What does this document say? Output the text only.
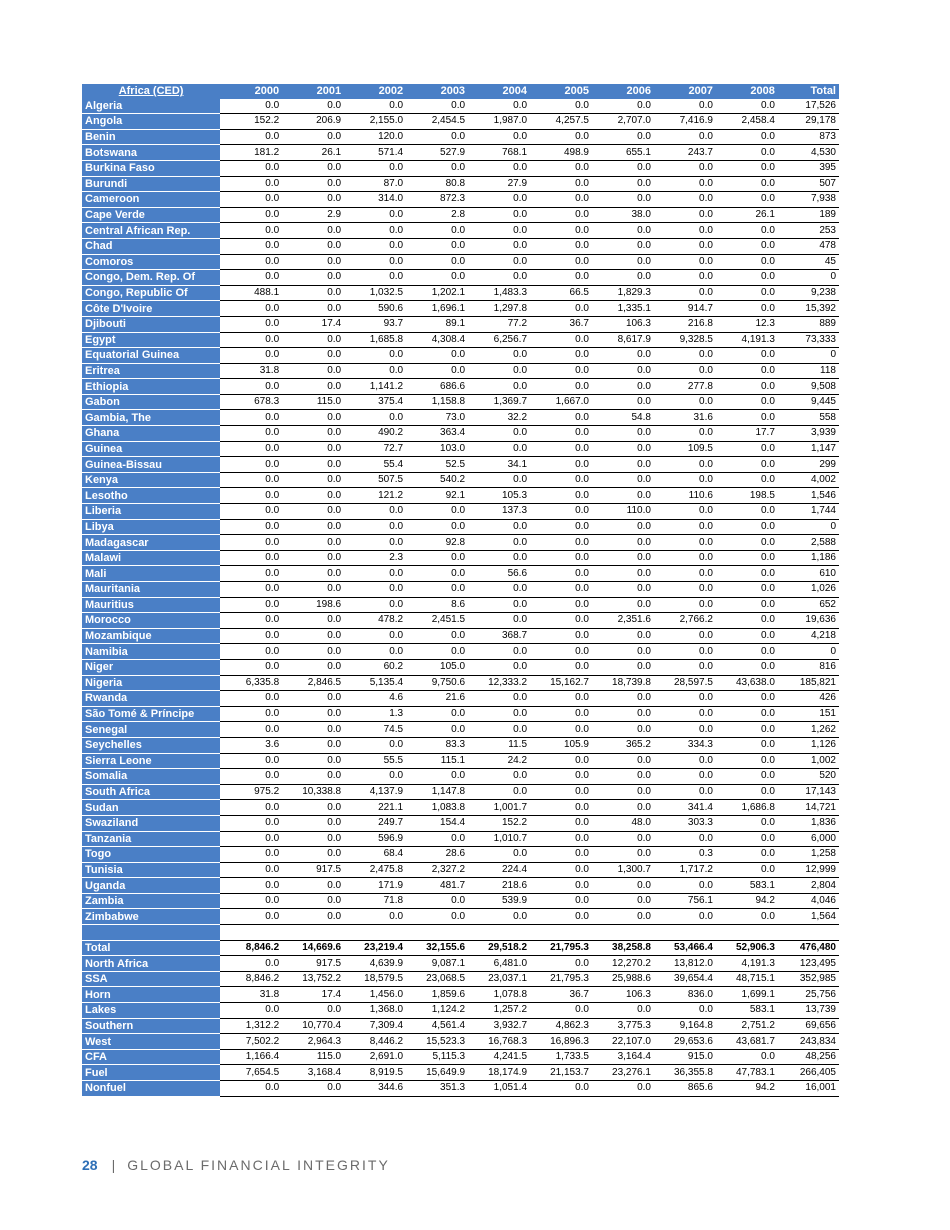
Africa (CED)	2000	2001	2002	2003	2004	2005	2006	2007	2008	Total
Algeria	0.0	0.0	0.0	0.0	0.0	0.0	0.0	0.0	0.0	17,526
Angola	152.2	206.9	2,155.0	2,454.5	1,987.0	4,257.5	2,707.0	7,416.9	2,458.4	29,178
Benin	0.0	0.0	120.0	0.0	0.0	0.0	0.0	0.0	0.0	873
Botswana	181.2	26.1	571.4	527.9	768.1	498.9	655.1	243.7	0.0	4,530
Burkina Faso	0.0	0.0	0.0	0.0	0.0	0.0	0.0	0.0	0.0	395
Burundi	0.0	0.0	87.0	80.8	27.9	0.0	0.0	0.0	0.0	507
Cameroon	0.0	0.0	314.0	872.3	0.0	0.0	0.0	0.0	0.0	7,938
Cape Verde	0.0	2.9	0.0	2.8	0.0	0.0	38.0	0.0	26.1	189
Central African Rep.	0.0	0.0	0.0	0.0	0.0	0.0	0.0	0.0	0.0	253
Chad	0.0	0.0	0.0	0.0	0.0	0.0	0.0	0.0	0.0	478
Comoros	0.0	0.0	0.0	0.0	0.0	0.0	0.0	0.0	0.0	45
Congo, Dem. Rep. Of	0.0	0.0	0.0	0.0	0.0	0.0	0.0	0.0	0.0	0
Congo, Republic Of	488.1	0.0	1,032.5	1,202.1	1,483.3	66.5	1,829.3	0.0	0.0	9,238
Côte D'Ivoire	0.0	0.0	590.6	1,696.1	1,297.8	0.0	1,335.1	914.7	0.0	15,392
Djibouti	0.0	17.4	93.7	89.1	77.2	36.7	106.3	216.8	12.3	889
Egypt	0.0	0.0	1,685.8	4,308.4	6,256.7	0.0	8,617.9	9,328.5	4,191.3	73,333
Equatorial Guinea	0.0	0.0	0.0	0.0	0.0	0.0	0.0	0.0	0.0	0
Eritrea	31.8	0.0	0.0	0.0	0.0	0.0	0.0	0.0	0.0	118
Ethiopia	0.0	0.0	1,141.2	686.6	0.0	0.0	0.0	277.8	0.0	9,508
Gabon	678.3	115.0	375.4	1,158.8	1,369.7	1,667.0	0.0	0.0	0.0	9,445
Gambia, The	0.0	0.0	0.0	73.0	32.2	0.0	54.8	31.6	0.0	558
Ghana	0.0	0.0	490.2	363.4	0.0	0.0	0.0	0.0	17.7	3,939
Guinea	0.0	0.0	72.7	103.0	0.0	0.0	0.0	109.5	0.0	1,147
Guinea-Bissau	0.0	0.0	55.4	52.5	34.1	0.0	0.0	0.0	0.0	299
Kenya	0.0	0.0	507.5	540.2	0.0	0.0	0.0	0.0	0.0	4,002
Lesotho	0.0	0.0	121.2	92.1	105.3	0.0	0.0	110.6	198.5	1,546
Liberia	0.0	0.0	0.0	0.0	137.3	0.0	110.0	0.0	0.0	1,744
Libya	0.0	0.0	0.0	0.0	0.0	0.0	0.0	0.0	0.0	0
Madagascar	0.0	0.0	0.0	92.8	0.0	0.0	0.0	0.0	0.0	2,588
Malawi	0.0	0.0	2.3	0.0	0.0	0.0	0.0	0.0	0.0	1,186
Mali	0.0	0.0	0.0	0.0	56.6	0.0	0.0	0.0	0.0	610
Mauritania	0.0	0.0	0.0	0.0	0.0	0.0	0.0	0.0	0.0	1,026
Mauritius	0.0	198.6	0.0	8.6	0.0	0.0	0.0	0.0	0.0	652
Morocco	0.0	0.0	478.2	2,451.5	0.0	0.0	2,351.6	2,766.2	0.0	19,636
Mozambique	0.0	0.0	0.0	0.0	368.7	0.0	0.0	0.0	0.0	4,218
Namibia	0.0	0.0	0.0	0.0	0.0	0.0	0.0	0.0	0.0	0
Niger	0.0	0.0	60.2	105.0	0.0	0.0	0.0	0.0	0.0	816
Nigeria	6,335.8	2,846.5	5,135.4	9,750.6	12,333.2	15,162.7	18,739.8	28,597.5	43,638.0	185,821
Rwanda	0.0	0.0	4.6	21.6	0.0	0.0	0.0	0.0	0.0	426
São Tomé & Príncipe	0.0	0.0	1.3	0.0	0.0	0.0	0.0	0.0	0.0	151
Senegal	0.0	0.0	74.5	0.0	0.0	0.0	0.0	0.0	0.0	1,262
Seychelles	3.6	0.0	0.0	83.3	11.5	105.9	365.2	334.3	0.0	1,126
Sierra Leone	0.0	0.0	55.5	115.1	24.2	0.0	0.0	0.0	0.0	1,002
Somalia	0.0	0.0	0.0	0.0	0.0	0.0	0.0	0.0	0.0	520
South Africa	975.2	10,338.8	4,137.9	1,147.8	0.0	0.0	0.0	0.0	0.0	17,143
Sudan	0.0	0.0	221.1	1,083.8	1,001.7	0.0	0.0	341.4	1,686.8	14,721
Swaziland	0.0	0.0	249.7	154.4	152.2	0.0	48.0	303.3	0.0	1,836
Tanzania	0.0	0.0	596.9	0.0	1,010.7	0.0	0.0	0.0	0.0	6,000
Togo	0.0	0.0	68.4	28.6	0.0	0.0	0.0	0.3	0.0	1,258
Tunisia	0.0	917.5	2,475.8	2,327.2	224.4	0.0	1,300.7	1,717.2	0.0	12,999
Uganda	0.0	0.0	171.9	481.7	218.6	0.0	0.0	0.0	583.1	2,804
Zambia	0.0	0.0	71.8	0.0	539.9	0.0	0.0	756.1	94.2	4,046
Zimbabwe	0.0	0.0	0.0	0.0	0.0	0.0	0.0	0.0	0.0	1,564

Total	8,846.2	14,669.6	23,219.4	32,155.6	29,518.2	21,795.3	38,258.8	53,466.4	52,906.3	476,480
North Africa	0.0	917.5	4,639.9	9,087.1	6,481.0	0.0	12,270.2	13,812.0	4,191.3	123,495
SSA	8,846.2	13,752.2	18,579.5	23,068.5	23,037.1	21,795.3	25,988.6	39,654.4	48,715.1	352,985
Horn	31.8	17.4	1,456.0	1,859.6	1,078.8	36.7	106.3	836.0	1,699.1	25,756
Lakes	0.0	0.0	1,368.0	1,124.2	1,257.2	0.0	0.0	0.0	583.1	13,739
Southern	1,312.2	10,770.4	7,309.4	4,561.4	3,932.7	4,862.3	3,775.3	9,164.8	2,751.2	69,656
West	7,502.2	2,964.3	8,446.2	15,523.3	16,768.3	16,896.3	22,107.0	29,653.6	43,681.7	243,834
CFA	1,166.4	115.0	2,691.0	5,115.3	4,241.5	1,733.5	3,164.4	915.0	0.0	48,256
Fuel	7,654.5	3,168.4	8,919.5	15,649.9	18,174.9	21,153.7	23,276.1	36,355.8	47,783.1	266,405
Nonfuel	0.0	0.0	344.6	351.3	1,051.4	0.0	0.0	865.6	94.2	16,001
28 | GLOBAL FINANCIAL INTEGRITY
